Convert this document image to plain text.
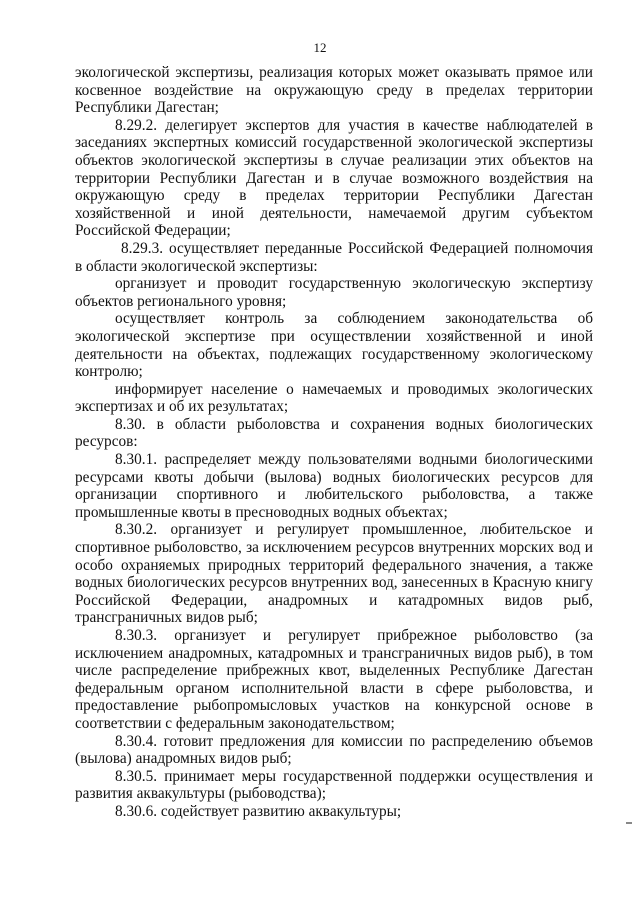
12

экологической экспертизы, реализация которых может оказывать прямое или косвенное воздействие на окружающую среду в пределах территории Республики Дагестан;

8.29.2. делегирует экспертов для участия в качестве наблюдателей в заседаниях экспертных комиссий государственной экологической экспертизы объектов экологической экспертизы в случае реализации этих объектов на территории Республики Дагестан и в случае возможного воздействия на окружающую среду в пределах территории Республики Дагестан хозяйственной и иной деятельности, намечаемой другим субъектом Российской Федерации;

8.29.3. осуществляет переданные Российской Федерацией полномочия в области экологической экспертизы:

организует и проводит государственную экологическую экспертизу объектов регионального уровня;

осуществляет контроль за соблюдением законодательства об экологической экспертизе при осуществлении хозяйственной и иной деятельности на объектах, подлежащих государственному экологическому контролю;

информирует население о намечаемых и проводимых экологических экспертизах и об их результатах;

8.30. в области рыболовства и сохранения водных биологических ресурсов:

8.30.1. распределяет между пользователями водными биологическими ресурсами квоты добычи (вылова) водных биологических ресурсов для организации спортивного и любительского рыболовства, а также промышленные квоты в пресноводных водных объектах;

8.30.2. организует и регулирует промышленное, любительское и спортивное рыболовство, за исключением ресурсов внутренних морских вод и особо охраняемых природных территорий федерального значения, а также водных биологических ресурсов внутренних вод, занесенных в Красную книгу Российской Федерации, анадромных и катадромных видов рыб, трансграничных видов рыб;

8.30.3. организует и регулирует прибрежное рыболовство (за исключением анадромных, катадромных и трансграничных видов рыб), в том числе распределение прибрежных квот, выделенных Республике Дагестан федеральным органом исполнительной власти в сфере рыболовства, и предоставление рыбопромысловых участков на конкурсной основе в соответствии с федеральным законодательством;

8.30.4. готовит предложения для комиссии по распределению объемов (вылова) анадромных видов рыб;

8.30.5. принимает меры государственной поддержки осуществления и развития аквакультуры (рыбоводства);

8.30.6. содействует развитию аквакультуры;
